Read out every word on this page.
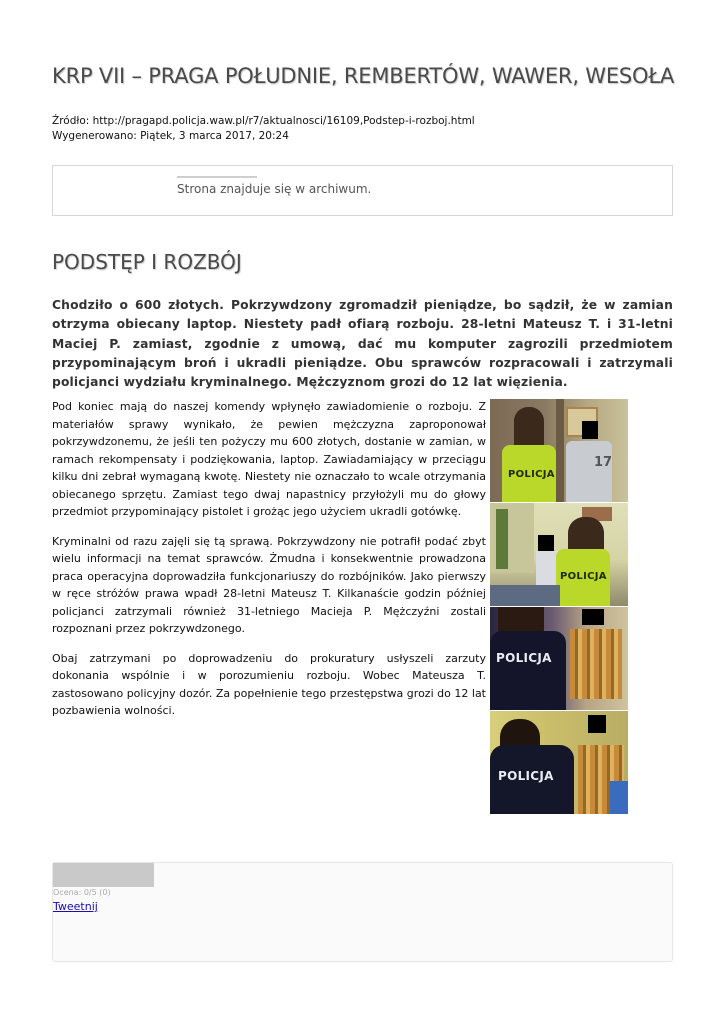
KRP VII – PRAGA POŁUDNIE, REMBERTÓW, WAWER, WESOŁA
Źródło: http://pragapd.policja.waw.pl/r7/aktualnosci/16109,Podstep-i-rozboj.html
Wygenerowano: Piątek, 3 marca 2017, 20:24
Strona znajduje się w archiwum.
PODSTĘP I ROZBÓJ
Chodziło o 600 złotych. Pokrzywdzony zgromadził pieniądze, bo sądził, że w zamian otrzyma obiecany laptop. Niestety padł ofiarą rozboju. 28-letni Mateusz T. i 31-letni Maciej P. zamiast, zgodnie z umową, dać mu komputer zagrozili przedmiotem przypominającym broń i ukradli pieniądze. Obu sprawców rozpracowali i zatrzymali policjanci wydziału kryminalnego. Mężczyznom grozi do 12 lat więzienia.

Pod koniec mają do naszej komendy wpłynęło zawiadomienie o rozboju. Z materiałów sprawy wynikało, że pewien mężczyzna zaproponował pokrzywdzonemu, że jeśli ten pożyczy mu 600 złotych, dostanie w zamian, w ramach rekompensaty i podziękowania, laptop. Zawiadamiający w przeciągu kilku dni zebrał wymaganą kwotę. Niestety nie oznaczało to wcale otrzymania obiecanego sprzętu. Zamiast tego dwaj napastnicy przyłożyli mu do głowy przedmiot przypominający pistolet i grożąc jego użyciem ukradli gotówkę.

Kryminalni od razu zajęli się tą sprawą. Pokrzywdzony nie potrafił podać zbyt wielu informacji na temat sprawców. Żmudna i konsekwentnie prowadzona praca operacyjna doprowadziła funkcjonariuszy do rozbójników. Jako pierwszy w ręce stróżów prawa wpadł 28-letni Mateusz T. Kilkanaście godzin później policjanci zatrzymali również 31-letniego Macieja P. Mężczyźni zostali rozpoznani przez pokrzywdzonego.

Obaj zatrzymani po doprowadzeniu do prokuratury usłyszeli zarzuty dokonania wspólnie i w porozumieniu rozboju. Wobec Mateusza T. zastosowano policyjny dozór. Za popełnienie tego przestępstwa grozi do 12 lat pozbawienia wolności.

POLICJA
17
POLICJA
POLICJA
POLICJA
Ocena: 0/5 (0)
Tweetnij
